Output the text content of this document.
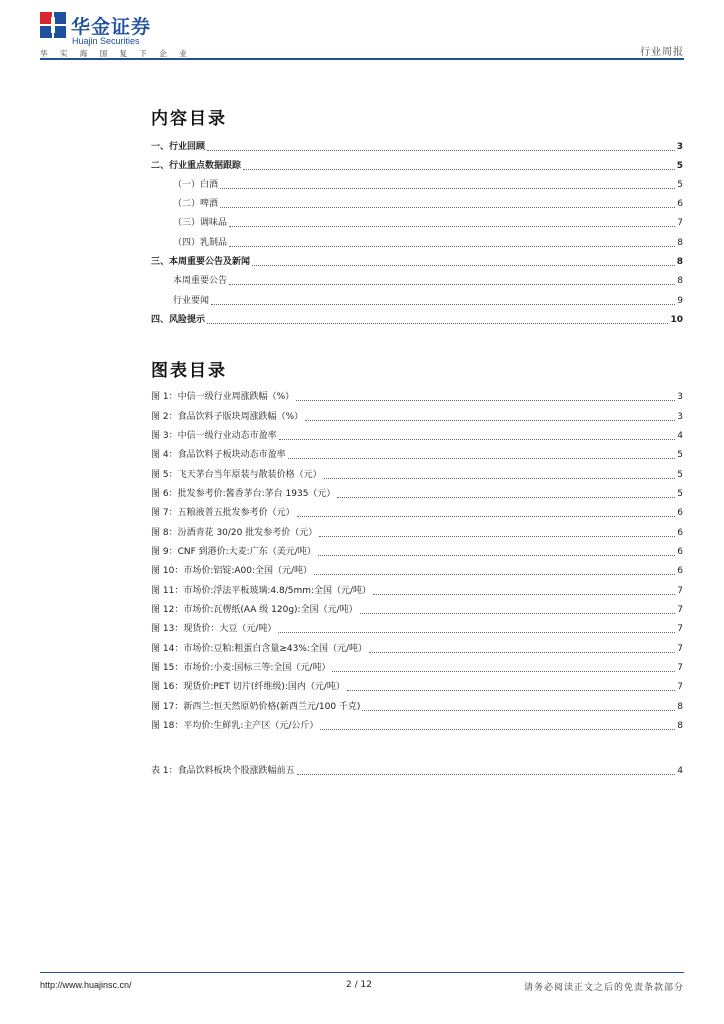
华金证券
Huajin Securities
华 实 海 国 复 下 企 业	行业周报
内容目录
一、行业回顾	3
二、行业重点数据跟踪	5
（一）白酒	5
（二）啤酒	6
（三）调味品	7
（四）乳制品	8
三、本周重要公告及新闻	8
本周重要公告	8
行业要闻	9
四、风险提示	10
图表目录
图 1：中信一级行业周涨跌幅（%）	3
图 2：食品饮料子版块周涨跌幅（%）	3
图 3：中信一级行业动态市盈率	4
图 4：食品饮料子板块动态市盈率	5
图 5：飞天茅台当年原装与散装价格（元）	5
图 6：批发参考价:酱香茅台:茅台 1935（元）	5
图 7：五粮液普五批发参考价（元）	6
图 8：汾酒青花 30/20 批发参考价（元）	6
图 9：CNF 到港价:大麦:广东（美元/吨）	6
图 10：市场价:铝锭:A00:全国（元/吨）	6
图 11：市场价:浮法平板玻璃:4.8/5mm:全国（元/吨）	7
图 12：市场价:瓦楞纸(AA 级 120g):全国（元/吨）	7
图 13：现货价：大豆（元/吨）	7
图 14：市场价:豆粕:粗蛋白含量≥43%:全国（元/吨）	7
图 15：市场价:小麦:国标三等:全国（元/吨）	7
图 16：现货价:PET 切片(纤维级):国内（元/吨）	7
图 17：新西兰:恒天然原奶价格(新西兰元/100 千克)	8
图 18：平均价:生鲜乳:主产区（元/公斤）	8
表 1：食品饮料板块个股涨跌幅前五	4
http://www.huajinsc.cn/	2 / 12	请务必阅读正文之后的免责条款部分
